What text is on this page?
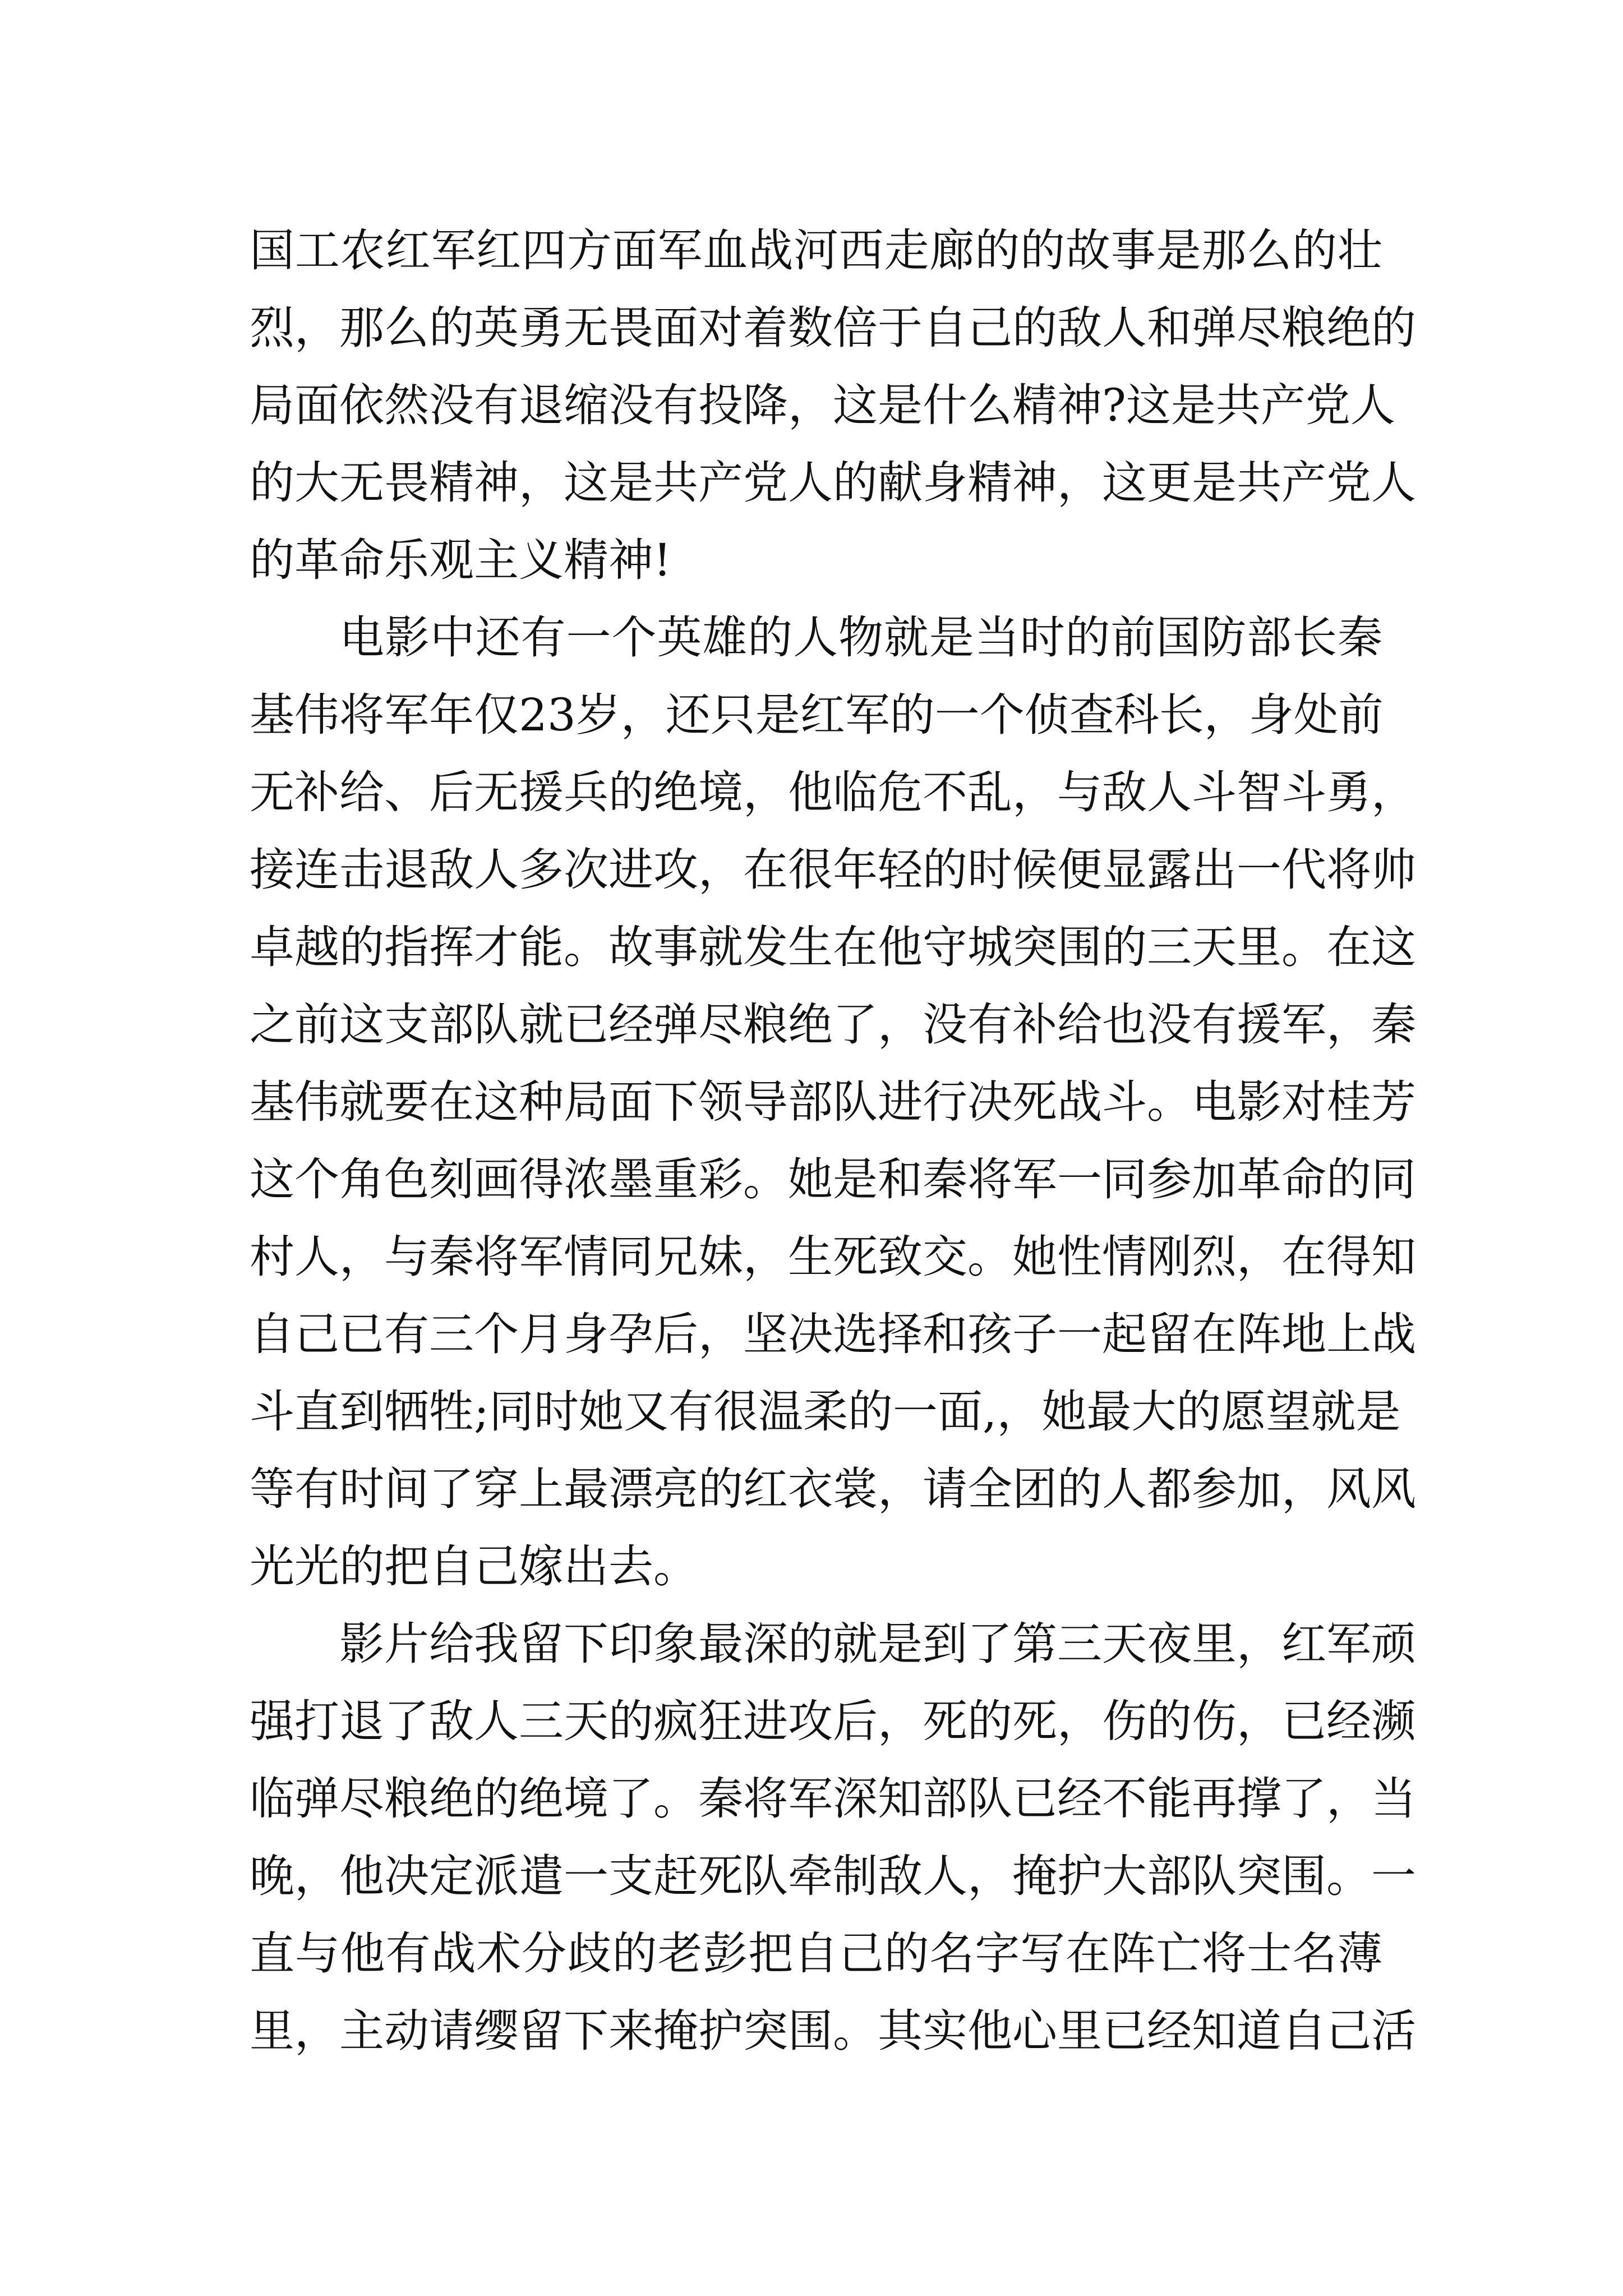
国 工 农 红 军 红 四 方 面 军 血 战 河 西 走 廊 的 的 故 事 是 那 么 的 壮
烈 ， 那 么 的 英 勇 无 畏 面 对 着 数 倍 于 自 己 的 敌 人 和 弹 尽 粮 绝 的
局 面 依 然 没 有 退 缩 没 有 投 降 ， 这 是 什 么 精 神 ? 这 是 共 产 党 人
的 大 无 畏 精 神 ， 这 是 共 产 党 人 的 献 身 精 神 ， 这 更 是 共 产 党 人
的革命乐观主义精神!
电 影 中 还 有 一 个 英 雄 的 人 物 就 是 当 时 的 前 国 防 部 长 秦
基 伟 将 军 年 仅 23 岁 ， 还 只 是 红 军 的 一 个 侦 查 科 长 ， 身 处 前
无 补 给 、 后 无 援 兵 的 绝 境 ， 他 临 危 不 乱 ， 与 敌 人 斗 智 斗 勇 ，
接 连 击 退 敌 人 多 次 进 攻 ， 在 很 年 轻 的 时 候 便 显 露 出 一 代 将 帅
卓 越 的 指 挥 才 能 。 故 事 就 发 生 在 他 守 城 突 围 的 三 天 里 。 在 这
之 前 这 支 部 队 就 已 经 弹 尽 粮 绝 了 ， 没 有 补 给 也 没 有 援 军 ， 秦
基 伟 就 要 在 这 种 局 面 下 领 导 部 队 进 行 决 死 战 斗 。 电 影 对 桂 芳
这 个 角 色 刻 画 得 浓 墨 重 彩 。 她 是 和 秦 将 军 一 同 参 加 革 命 的 同
村 人 ， 与 秦 将 军 情 同 兄 妹 ， 生 死 致 交 。 她 性 情 刚 烈 ， 在 得 知
自 己 已 有 三 个 月 身 孕 后 ， 坚 决 选 择 和 孩 子 一 起 留 在 阵 地 上 战
斗 直 到 牺 牲 ; 同 时 她 又 有 很 温 柔 的 一 面 , ， 她 最 大 的 愿 望 就 是
等 有 时 间 了 穿 上 最 漂 亮 的 红 衣 裳 ， 请 全 团 的 人 都 参 加 ， 风 风
光光的把自己嫁出去。
影 片 给 我 留 下 印 象 最 深 的 就 是 到 了 第 三 天 夜 里 ， 红 军 顽
强 打 退 了 敌 人 三 天 的 疯 狂 进 攻 后 ， 死 的 死 ， 伤 的 伤 ， 已 经 濒
临 弹 尽 粮 绝 的 绝 境 了 。 秦 将 军 深 知 部 队 已 经 不 能 再 撑 了 ， 当
晚 ， 他 决 定 派 遣 一 支 赶 死 队 牵 制 敌 人 ， 掩 护 大 部 队 突 围 。 一
直 与 他 有 战 术 分 歧 的 老 彭 把 自 己 的 名 字 写 在 阵 亡 将 士 名 薄
里 ， 主 动 请 缨 留 下 来 掩 护 突 围 。 其 实 他 心 里 已 经 知 道 自 己 活
